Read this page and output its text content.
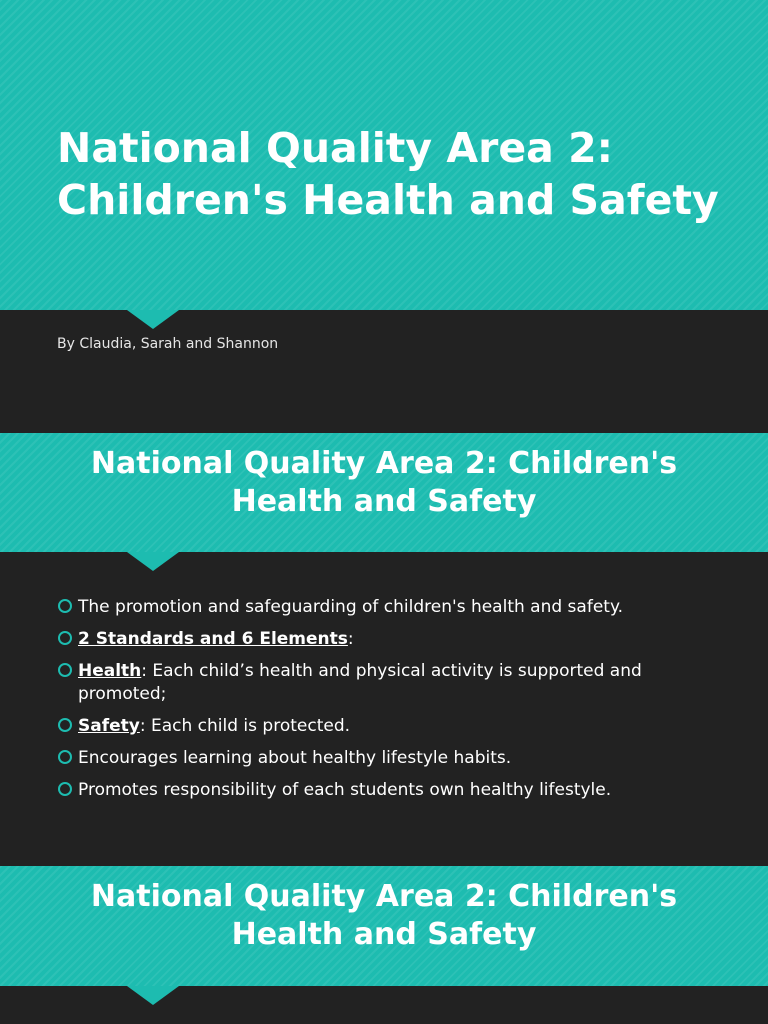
National Quality Area 2: Children's Health and Safety

By Claudia, Sarah and Shannon

National Quality Area 2: Children's Health and Safety
The promotion and safeguarding of children's health and safety.
2 Standards and 6 Elements:
Health: Each child’s health and physical activity is supported and promoted;
Safety: Each child is protected.
Encourages learning about healthy lifestyle habits.
Promotes responsibility of each students own healthy lifestyle.
National Quality Area 2: Children's Health and Safety
